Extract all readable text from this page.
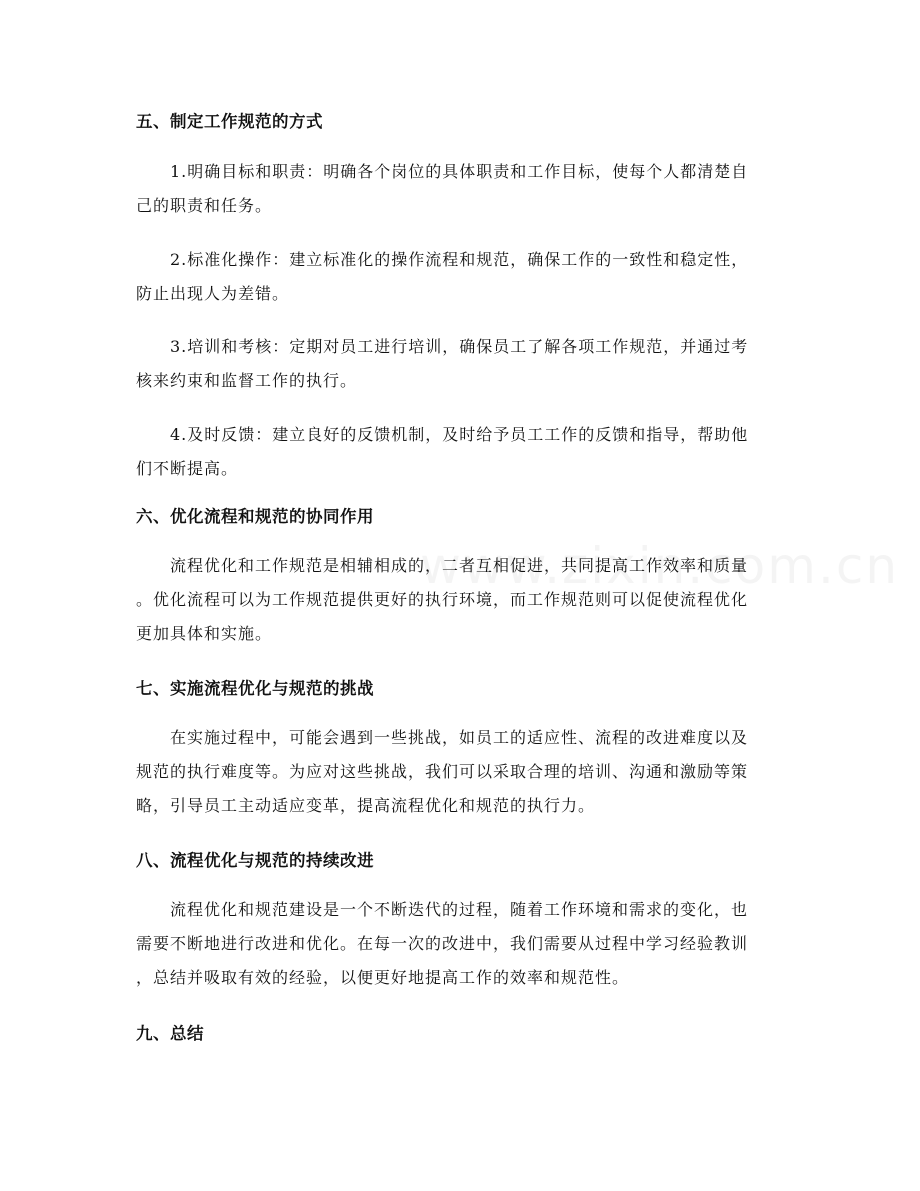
五、制定工作规范的方式

1.明确目标和职责：明确各个岗位的具体职责和工作目标，使每个人都清楚自
己的职责和任务。

2.标准化操作：建立标准化的操作流程和规范，确保工作的一致性和稳定性，
防止出现人为差错。

3.培训和考核：定期对员工进行培训，确保员工了解各项工作规范，并通过考
核来约束和监督工作的执行。

4.及时反馈：建立良好的反馈机制，及时给予员工工作的反馈和指导，帮助他
们不断提高。

六、优化流程和规范的协同作用

流程优化和工作规范是相辅相成的，二者互相促进，共同提高工作效率和质量
。优化流程可以为工作规范提供更好的执行环境，而工作规范则可以促使流程优化
更加具体和实施。

七、实施流程优化与规范的挑战

在实施过程中，可能会遇到一些挑战，如员工的适应性、流程的改进难度以及
规范的执行难度等。为应对这些挑战，我们可以采取合理的培训、沟通和激励等策
略，引导员工主动适应变革，提高流程优化和规范的执行力。

八、流程优化与规范的持续改进

流程优化和规范建设是一个不断迭代的过程，随着工作环境和需求的变化，也
需要不断地进行改进和优化。在每一次的改进中，我们需要从过程中学习经验教训
，总结并吸取有效的经验，以便更好地提高工作的效率和规范性。

九、总结
